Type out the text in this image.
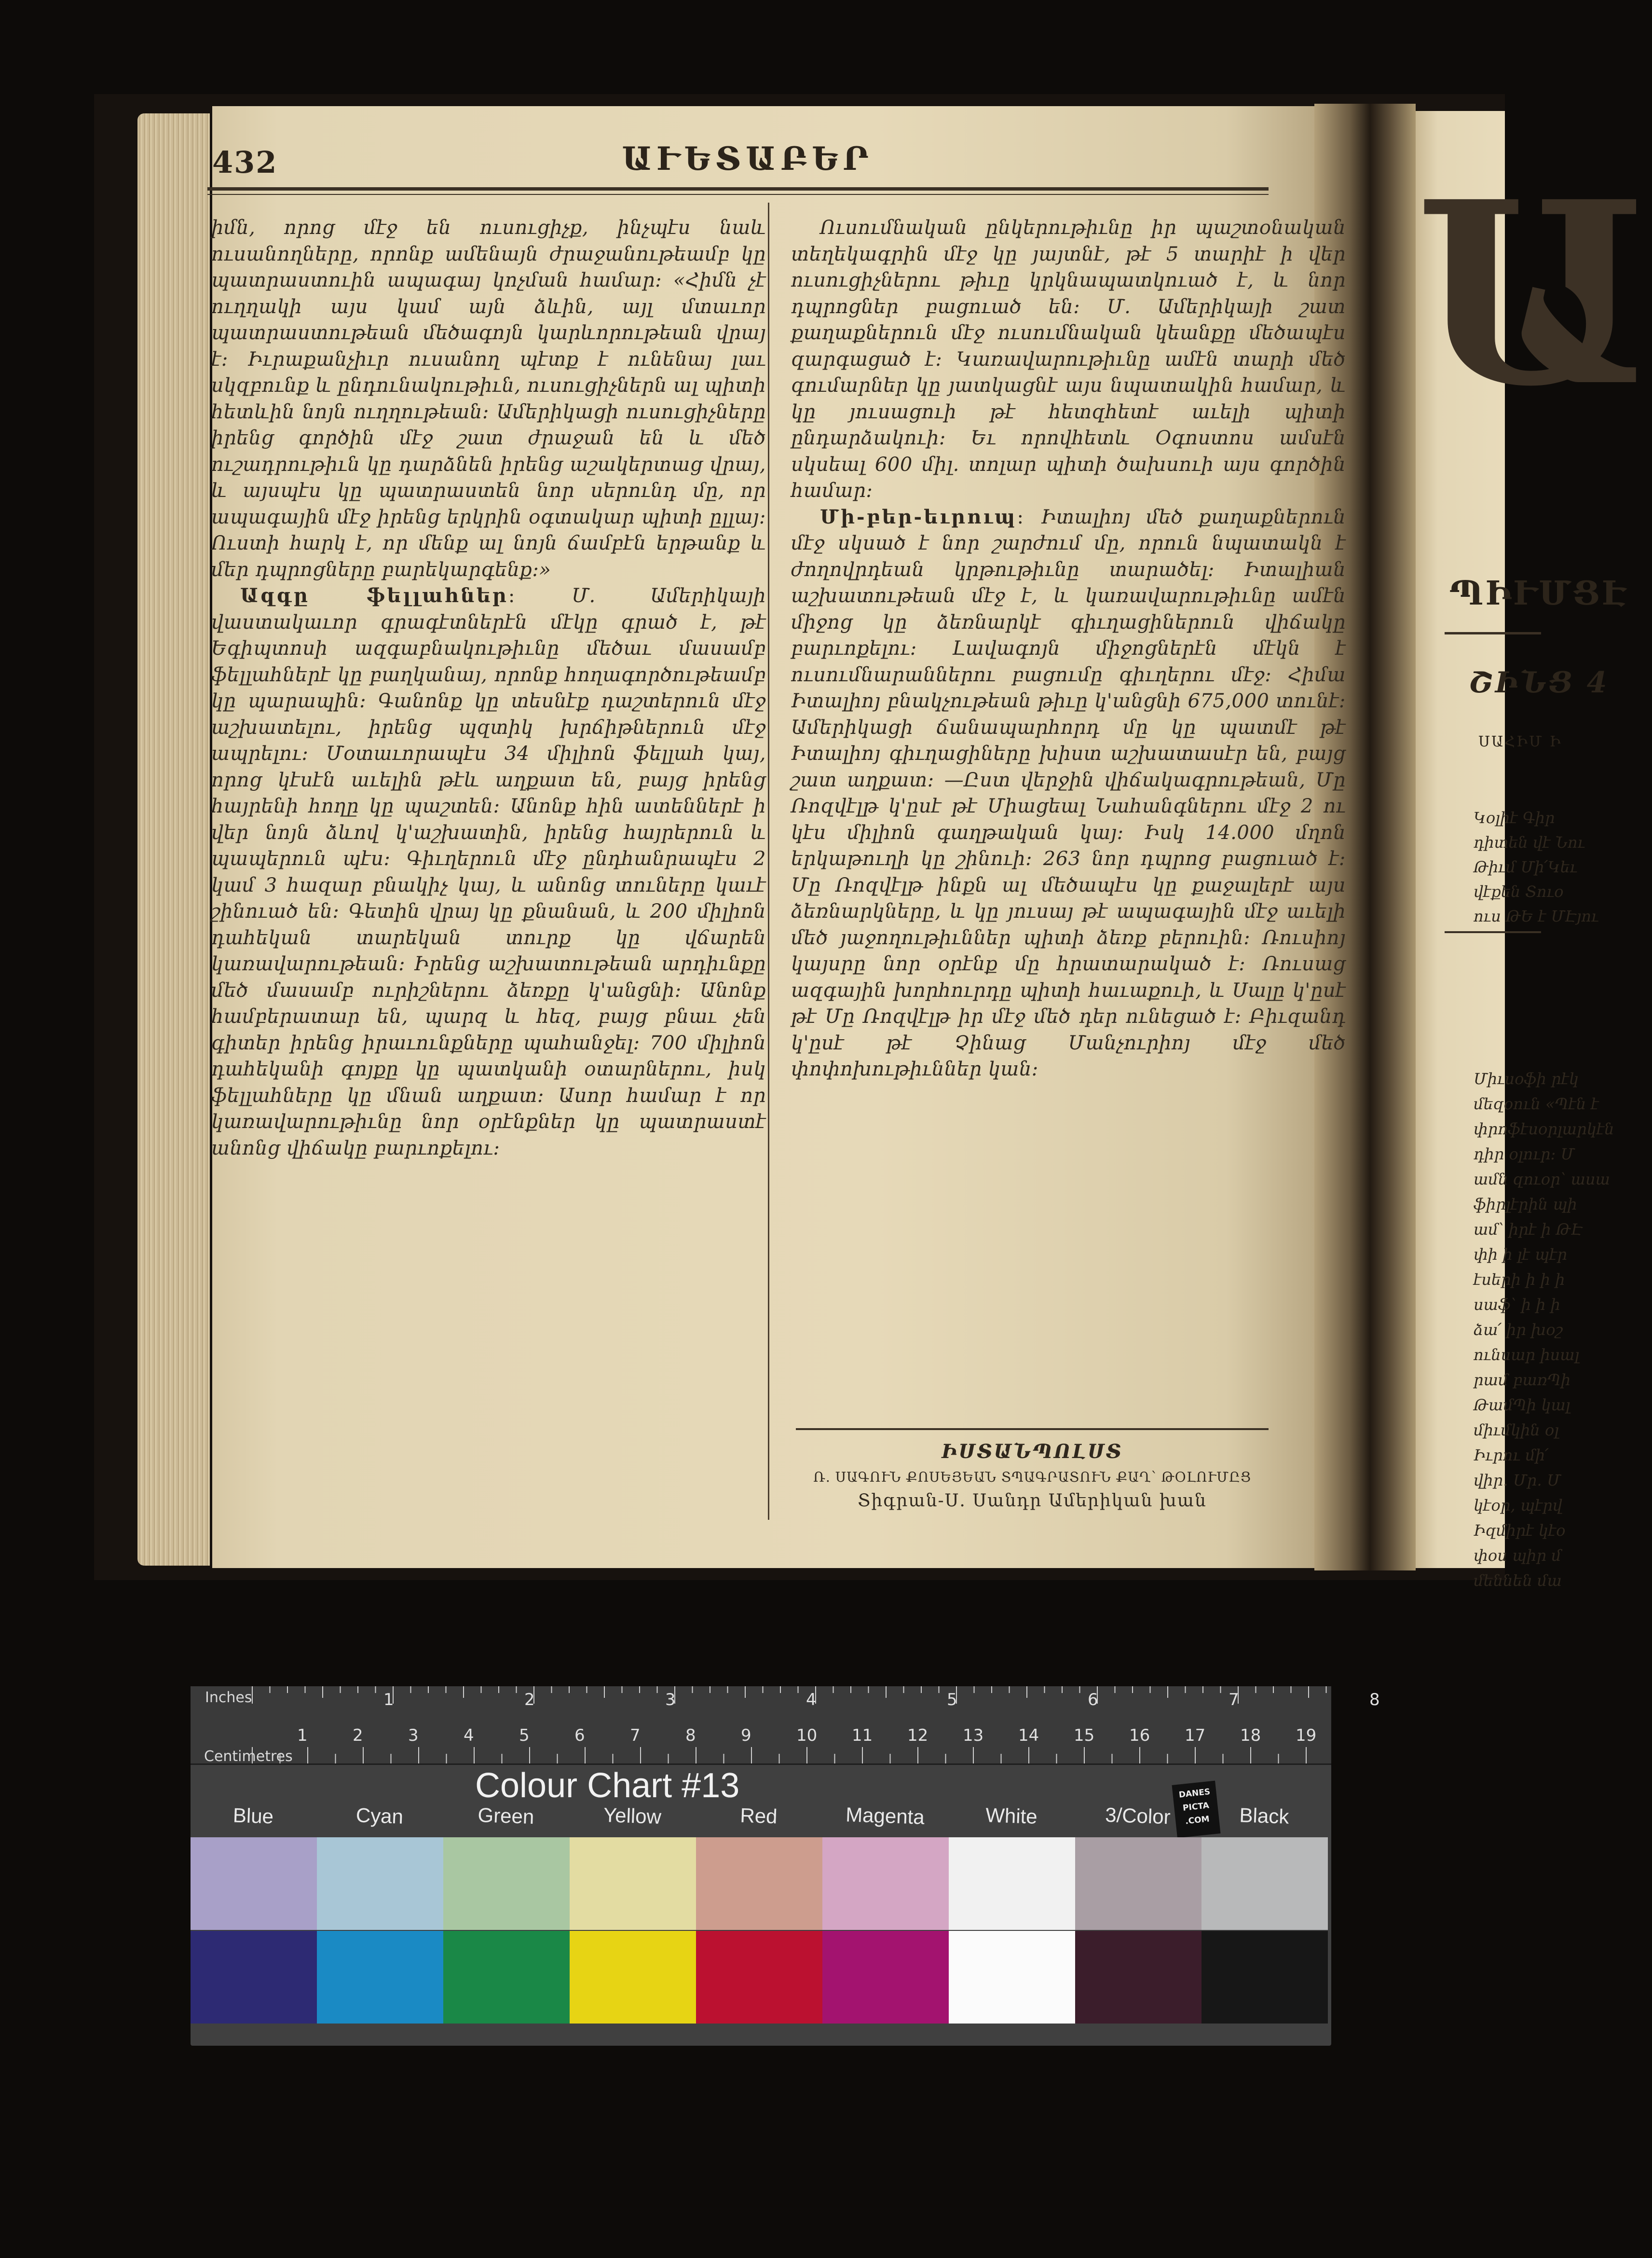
Ա
ՊԻՒՄՑԷ
ՇԻՆՑ 4
ՍԱՀԻՄ Ի
Կօլիէ Գիր
դիտեն վէ Նու
Թիւմ Մի՛Կեւ
վէքեն Տուօ
ուս ԹԵ է ՄԷյու
Միւսօֆի րէկ
մեզօուն «Պէն է
փրոֆէսօրլարկէն
դիր օլուր։ Մ
ամն զուօր՝ ասա
ֆիրլէրին պի
ամ՝ իրէ ի ԹԷ
փի ի լէ պէր
էսերի ի ի ի
սաֆ՝ ի ի ի
ձա՛ իր խօշ
ունսար իսալ
րամ բառՊի
ԹամՊի կալ
միւմկին օլ
Իւրու մի՛
վիր․ Մր․ Մ
կէօր, պէրվ
Իզմիրէ կէօ
փօս պիր մ
մեննեն մա
432	ԱՒԵՏԱԲԵՐ

իմն, որոց մէջ են ուսուցիչք, ինչպէս նաև ուսանողները, որոնք ամենայն ժրաջանութեամբ կը պատրաստուին ապագայ կոչման համար։ «Հիմն չէ ուղղակի այս կամ այն ձևին, այլ մտաւոր պատրաստութեան մեծագոյն կարևորութեան վրայ է։ Իւրաքանչիւր ուսանող պէտք է ունենայ լաւ սկզբունք և ընդունակութիւն, ուսուցիչներն ալ պիտի հետևին նոյն ուղղութեան։ Ամերիկացի ուսուցիչները իրենց գործին մէջ շատ ժրաջան են և մեծ ուշադրութիւն կը դարձնեն իրենց աշակերտաց վրայ, և այսպէս կը պատրաստեն նոր սերունդ մը, որ ապագային մէջ իրենց երկրին օգտակար պիտի ըլլայ։ Ուստի հարկ է, որ մենք ալ նոյն ճամբէն երթանք և մեր դպրոցները բարեկարգենք։»

Ազգը ֆելլահներ։	Մ. Ամերիկայի վաստակաւոր գրագէտներէն մէկը գրած է, թէ Եգիպտոսի ազգաբնակութիւնը մեծաւ մասամբ ֆելլահներէ կը բաղկանայ, որոնք հողագործութեամբ կը պարապին։ Գանոնք կը տեսնէք դաշտերուն մէջ աշխատելու, իրենց պզտիկ խրճիթներուն մէջ ապրելու։ Մօտաւորապէս 34 միլիոն ֆելլահ կայ, որոց կէսէն աւելին թէև աղքատ են, բայց իրենց հայրենի հողը կը պաշտեն։ Անոնք հին ատեններէ ի վեր նոյն ձևով կ'աշխատին, իրենց հայրերուն և պապերուն պէս։ Գիւղերուն մէջ ընդհանրապէս 2 կամ 3 հազար բնակիչ կայ, և անոնց տուները կաւէ շինուած են։ Գետին վրայ կը քնանան, և 200 միլիոն դահեկան տարեկան տուրք կը վճարեն կառավարութեան։ Իրենց աշխատութեան արդիւնքը մեծ մասամբ ուրիշներու ձեռքը կ'անցնի։ Անոնք համբերատար են, պարզ և հեզ, բայց բնաւ չեն գիտեր իրենց իրաւունքները պահանջել։ 700 միլիոն դահեկանի գոյքը կը պատկանի օտարներու, իսկ ֆելլահները կը մնան աղքատ։ Ասոր համար է որ կառավարութիւնը նոր օրէնքներ կը պատրաստէ անոնց վիճակը բարւոքելու։

Ուսումնական ընկերութիւնը իր պաշտօնական տեղեկագրին մէջ կը յայտնէ, թէ 5 տարիէ ի վեր ուսուցիչներու թիւը կրկնապատկուած է, և նոր դպրոցներ բացուած են։ Մ. Ամերիկայի շատ քաղաքներուն մէջ ուսումնական կեանքը մեծապէս զարգացած է։ Կառավարութիւնը ամէն տարի մեծ գումարներ կը յատկացնէ այս նպատակին համար, և կը յուսացուի թէ հետզհետէ աւելի պիտի ընդարձակուի։ Եւ որովհետև Օգոստոս ամսէն սկսեալ 600 միլ. տոլար պիտի ծախսուի այս գործին համար։

Մի-բեր-եւրուպ։ Իտալիոյ մեծ քաղաքներուն մէջ սկսած է նոր շարժում մը, որուն նպատակն է ժողովրդեան կրթութիւնը տարածել։ Իտալիան աշխատութեան մէջ է, և կառավարութիւնը ամէն միջոց կը ձեռնարկէ գիւղացիներուն վիճակը բարւոքելու։ Լավագոյն միջոցներէն մէկն է ուսումնարաններու բացումը գիւղերու մէջ։ Հիմա Իտալիոյ բնակչութեան թիւը կ'անցնի 675,000 տունէ։ Ամերիկացի ճանապարհորդ մը կը պատմէ թէ Իտալիոյ գիւղացիները խիստ աշխատասէր են, բայց շատ աղքատ։ —Ըստ վերջին վիճակագրութեան, Մը Ռոզվէլթ կ'ըսէ թէ Միացեալ Նահանգներու մէջ 2 ու կէս միլիոն գաղթական կայ։ Իսկ 14.000 մղոն երկաթուղի կը շինուի։ 263 նոր դպրոց բացուած է։ Մը Ռոզվէլթ ինքն ալ մեծապէս կը քաջալերէ այս ձեռնարկները, և կը յուսայ թէ ապագային մէջ աւելի մեծ յաջողութիւններ պիտի ձեռք բերուին։ Ռուսիոյ կայսրը նոր օրէնք մը հրատարակած է։ Ռուսաց ազգային խորհուրդը պիտի հաւաքուի, և Սալը կ'ըսէ թէ Մը Ռոզվէլթ իր մէջ մեծ դեր ունեցած է։ Բիւզանդ կ'ըսէ թէ Չինաց Մանչուրիոյ մէջ մեծ փոփոխութիւններ կան։

ԻՍՏԱՆՊՈԼՍՏ
Ռ. ՍԱԳՈՒՆ ՔՈՍԵՅԵԱՆ ՏՊԱԳՐԱՏՈՒՆ ՔԱՂ՝ ԹՕԼՈՒՄԸՑ
Տիգրան-Ս. Սանդր Ամերիկան խան
Inches
Centimetres
1	2	3	4	5	6	7	8
1	2	3	4	5	6	7	8	9	10 11 12 13 14 15 16 17 18 19
Colour Chart #13	DANES
PICTA
.COM
Blue	Cyan	Green	Yellow	Red	Magenta	White	3/Color	Black
